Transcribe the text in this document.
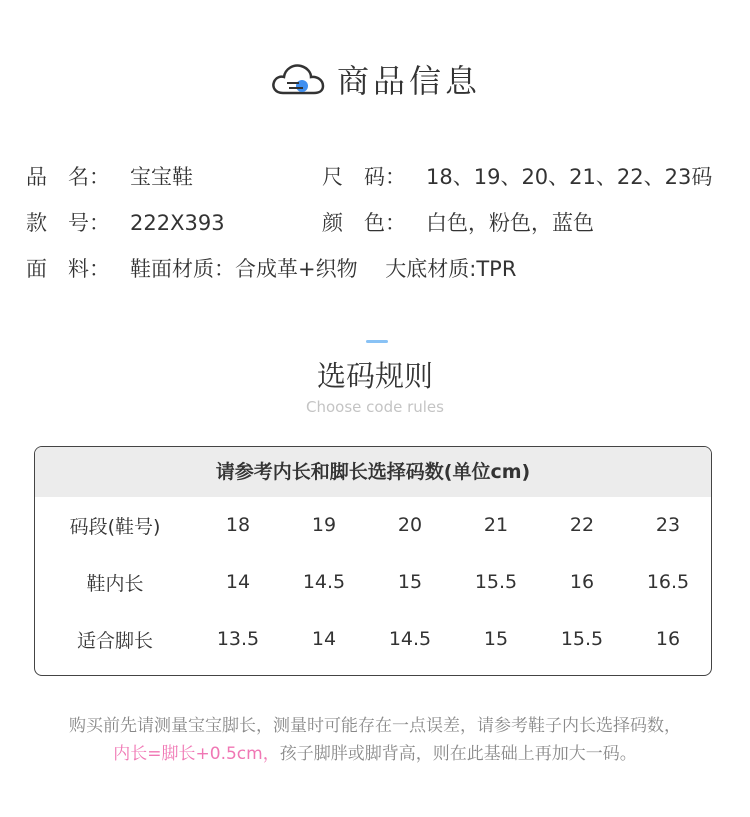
商品信息
品　名： 宝宝鞋	尺　码： 18、19、20、21、22、23码
款　号： 222X393	颜　色： 白色，粉色，蓝色
面　料： 鞋面材质：合成革+织物　 大底材质:TPR
选码规则
Choose code rules
请参考内长和脚长选择码数(单位cm)
码段(鞋号)	18	19	20	21	22	23
鞋内长	14	14.5	15	15.5	16	16.5
适合脚长	13.5	14	14.5	15	15.5	16
购买前先请测量宝宝脚长，测量时可能存在一点误差，请参考鞋子内长选择码数，
内长=脚长+0.5cm，孩子脚胖或脚背高，则在此基础上再加大一码。
